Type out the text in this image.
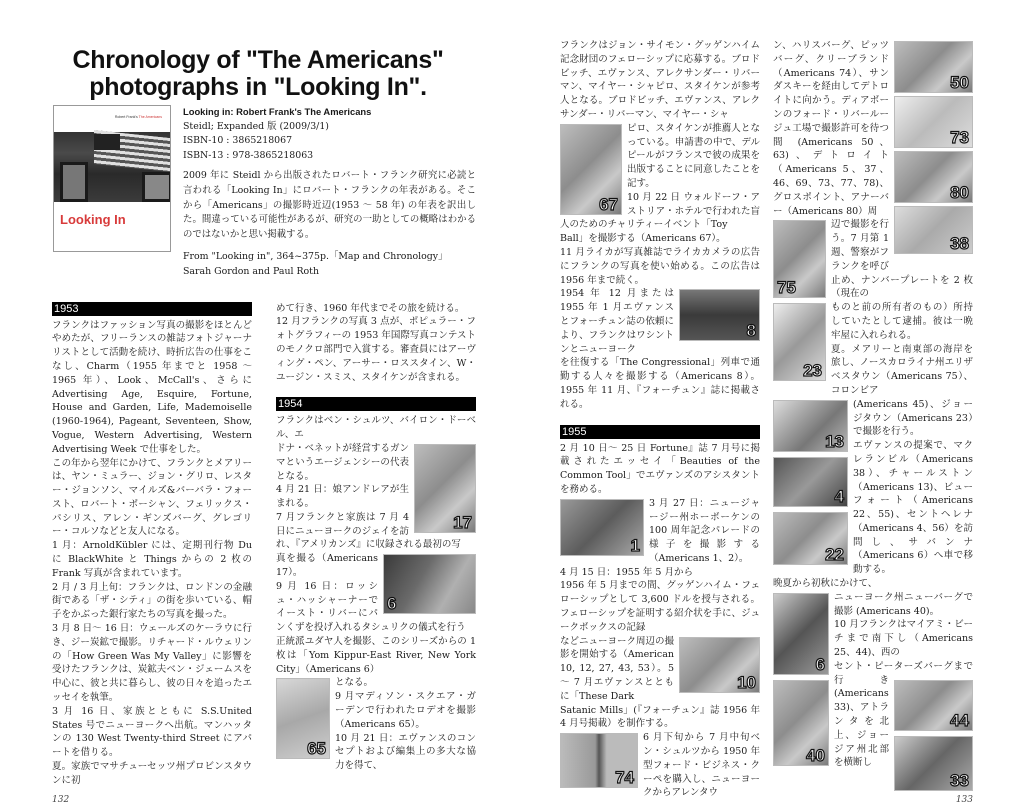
Chronology of "The Americans"
photographs in "Looking In".
Robert Frank's The Americans
Looking In
Looking in: Robert Frank's The Americans
Steidl; Expanded 版 (2009/3/1)
ISBN-10 : 3865218067
ISBN-13 : 978-3865218063
2009 年に Steidl から出版されたロバート・フランク研究に必読と言われる「Looking In」にロバート・フランクの年表がある。そこから「Americans」の撮影時近辺(1953 ～ 58 年) の年表を訳出した。間違っている可能性があるが、研究の一助としての概略はわかるのではないかと思い掲載する。
From "Looking in", 364~375p.「Map and Chronology」
Sarah Gordon and Paul Roth
1953

フランクはファッション写真の撮影をほとんどやめたが、フリーランスの雑誌フォトジャーナリストとして活動を続け、時折広告の仕事をこなし、Charm（1955 年までと 1958 ～ 1965 年）、Look、McCall's、さらに Advertising Age, Esquire, Fortune, House and Garden, Life, Mademoiselle (1960-1964), Pageant, Seventeen, Show, Vogue, Western Advertising, Western Advertising Week で仕事をした。

この年から翌年にかけて、フランクとメアリーは、ヤン・ミュラー、ジョン・グリロ、レスター・ジョンソン、マイルズ&バーバラ・フォースト、ロバート・ボーシャン、フェリックス・パシリス、アレン・ギンズバーグ、グレゴリー・コルソなどと友人になる。

1 月：ArnoldKübler には、定期刊行物 Du に BlackWhite と Things からの 2 枚の Frank 写真が含まれています。

2 月 / 3 月上旬：フランクは、ロンドンの金融街である「ザ・シティ」の街を歩いている、帽子をかぶった銀行家たちの写真を撮った。

3 月 8 日～ 16 日：ウェールズのケーラウに行き、ジー炭鉱で撮影。リチャード・ルウェリンの「How Green Was My Valley」に影響を受けたフランクは、炭鉱夫ベン・ジェームスを中心に、彼と共に暮らし、彼の日々を追ったエッセイを執筆。

3 月 16 日、家族とともに S.S.United States 号でニューヨークへ出航。マンハッタンの 130 West Twenty-third Street にアパートを借りる。

夏。家族でマサチューセッツ州プロビンスタウンに初

132

めて行き、1960 年代までその旅を続ける。

12 月フランクの写真 3 点が、ポピュラー・フォトグラフィーの 1953 年国際写真コンテストのモノクロ部門で入賞する。審査員にはアーヴィング・ペン、アーサー・ロススタイン、W・ユージン・スミス、スタイケンが含まれる。

1954

フランクはベン・シュルツ、バイロン・ドーベル、エ

17

ドナ・ベネットが経営するガンマというエージェンシーの代表となる。

4 月 21 日：娘アンドレアが生まれる。

7 月フランクと家族は 7 月 4 日にニューヨークのジェイを訪れ、『アメリカンズ』に収録される最初の写

6

真を撮る（Americans 17）。

9 月 16 日：ロッシュ・ハッシャーナーでイースト・リバーにパンくずを投げ入れるタシュリクの儀式を行う

正統派ユダヤ人を撮影、このシリーズからの 1 枚は「Yom Kippur-East River, New York City」（Americans 6）

65

となる。

9 月マディソン・スクエア・ガーデンで行われたロデオを撮影（Americans 65）。

10 月 21 日：エヴァンスのコンセプトおよび編集上の多大な協力を得て、

フランクはジョン・サイモン・グッゲンハイム記念財団のフェローシップに応募する。ブロドビッチ、エヴァンス、アレクサンダー・リバーマン、マイヤー・シャピロ、スタイケンが参考人となる。ブロドビッチ、エヴァンス、アレクサンダー・リバーマン、マイヤー・シャ

67

ピロ、スタイケンが推薦人となっている。申請書の中で、デルピールがフランスで彼の成果を出版することに同意したことを記す。

10 月 22 日 ウォルドーフ・アストリア・ホテルで行われた盲人のためのチャリティーイベント「Toy

Ball」を撮影する（Americans 67）。

11 月ライカが写真雑誌でライカカメラの広告にフランクの写真を使い始める。この広告は 1956 年まで続く。

8

1954 年 12 月または 1955 年 1 月エヴァンスとフォーチュン誌の依頼により、フランクはワシントンとニューヨーク

を往復する「The Congressional」列車で通勤する人々を撮影する（Americans 8）。1955 年 11 月、『フォーチュン』誌に掲載される。

1955

2 月 10 日～ 25 日 Fortune』誌 7 月号に掲載されたエッセイ「Beauties of the Common Tool」でエヴァンズのアシスタントを務める。

1

3 月 27 日：ニュージャージー州ホーボーケンの 100 周年記念パレードの様子を撮影する（Americans 1、2）。

4 月 15 日：1955 年 5 月から

1956 年 5 月までの間、グッゲンハイム・フェローシップとして 3,600 ドルを授与される。フェローシップを証明する紹介状を手に、ジュークボックスの記録

10

などニューヨーク周辺の撮影を開始する（American 10, 12, 27, 43, 53）。5 ～ 7 月エヴァンスとともに「These Dark

Satanic Mills」(『フォーチュン』誌 1956 年 4 月号掲載）を制作する。

74

6 月下旬から 7 月中旬ベン・シュルツから 1950 年型フォード・ビジネス・クーペを購入し、ニューヨークからアレンタウ

50
73
80
38

ン、ハリスバーグ、ピッツバーグ、クリーブランド（Americans 74）、サンダスキーを経由してデトロイトに向かう。ディアボーンのフォード・リバールージュ工場で撮影許可を待つ間 (Americans 50、63)、デトロイト（Americans 5、37、46、69、73、77、78)、グロスポイント、アナーバー（Americans 80）周

75

辺で撮影を行う。7 月第 1 週、警察がフランクを呼び止め、ナンバープレートを 2 枚（現在の

23

ものと前の所有者のもの）所持していたとして逮捕。彼は一晩牢屋に入れられる。

夏。メアリーと南東部の海岸を旅し、ノースカロライナ州エリザベスタウン（Americans 75）、コロンビア

13
4
22

(Americans 45)、ジョージタウン（Americans 23）で撮影を行う。

エヴァンスの提案で、マクレランビル（Americans 38）、チャールストン（Americans 13)、ビューフォート（Americans 22、55)、セントヘレナ（Americans 4、56）を訪問し、サバンナ（Americans 6）へ車で移動する。

晩夏から初秋にかけて、

6

ニューヨーク州ニューバーグで撮影 (Americans 40)。

10 月フランクはマイアミ・ビーチまで南下し（Americans 25、44)、西の

40
44
33

セント・ピーターズバーグまで行き (Americans 33)、アトランタを北上、ジョージア州北部を横断し

133
